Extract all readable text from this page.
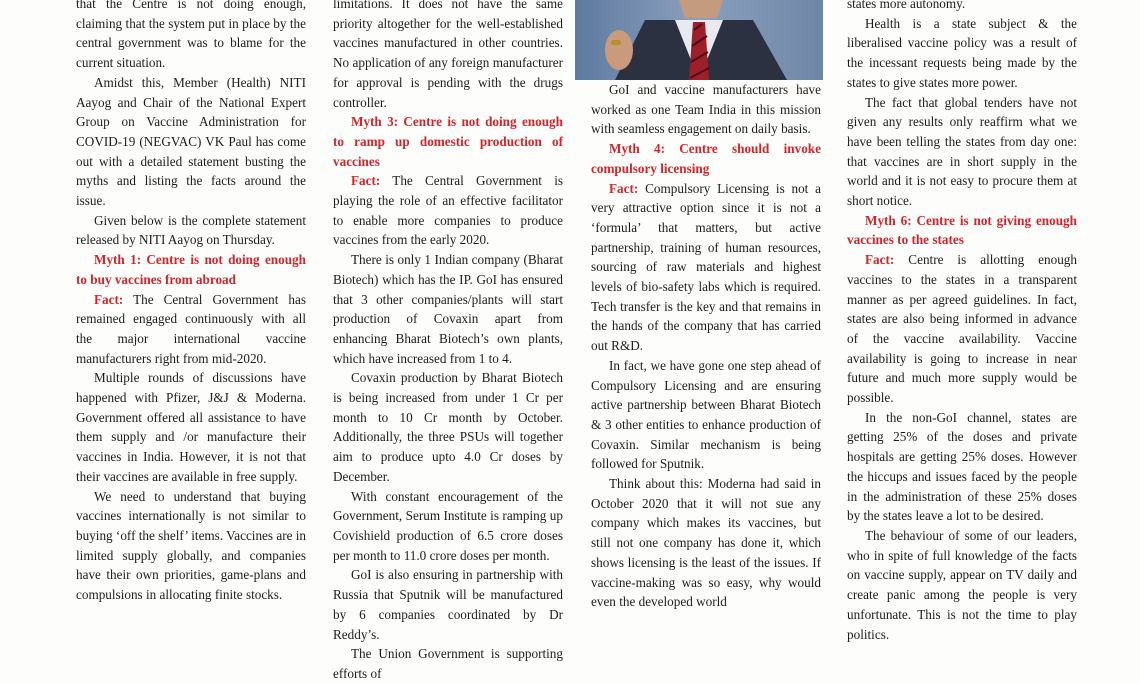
that the Centre is not doing enough, claiming that the system put in place by the central government was to blame for the current situation.

Amidst this, Member (Health) NITI Aayog and Chair of the National Expert Group on Vaccine Administration for COVID-19 (NEGVAC) VK Paul has come out with a detailed statement busting the myths and listing the facts around the issue.

Given below is the complete statement released by NITI Aayog on Thursday.

Myth 1: Centre is not doing enough to buy vaccines from abroad

Fact: The Central Government has remained engaged continuously with all the major international vaccine manufacturers right from mid-2020.

Multiple rounds of discussions have happened with Pfizer, J&J & Moderna. Government offered all assistance to have them supply and /or manufacture their vaccines in India. However, it is not that their vaccines are available in free supply.

We need to understand that buying vaccines internationally is not similar to buying ‘off the shelf’ items. Vaccines are in limited supply globally, and companies have their own priorities, game-plans and compulsions in allocating finite stocks.

limitations. It does not have the same priority altogether for the well-established vaccines manufactured in other countries. No application of any foreign manufacturer for approval is pending with the drugs controller.

Myth 3: Centre is not doing enough to ramp up domestic production of vaccines

Fact: The Central Government is playing the role of an effective facilitator to enable more companies to produce vaccines from the early 2020.

There is only 1 Indian company (Bharat Biotech) which has the IP. GoI has ensured that 3 other companies/plants will start production of Covaxin apart from enhancing Bharat Biotech’s own plants, which have increased from 1 to 4.

Covaxin production by Bharat Biotech is being increased from under 1 Cr per month to 10 Cr month by October. Additionally, the three PSUs will together aim to produce upto 4.0 Cr doses by December.

With constant encouragement of the Government, Serum Institute is ramping up Covishield production of 6.5 crore doses per month to 11.0 crore doses per month.

GoI is also ensuring in partnership with Russia that Sputnik will be manufactured by 6 companies coordinated by Dr Reddy’s.

The Union Government is supporting efforts of

GoI and vaccine manufacturers have worked as one Team India in this mission with seamless engagement on daily basis.

Myth 4: Centre should invoke compulsory licensing

Fact: Compulsory Licensing is not a very attractive option since it is not a ‘formula’ that matters, but active partnership, training of human resources, sourcing of raw materials and highest levels of bio-safety labs which is required. Tech transfer is the key and that remains in the hands of the company that has carried out R&D.

In fact, we have gone one step ahead of Compulsory Licensing and are ensuring active partnership between Bharat Biotech & 3 other entities to enhance production of Covaxin. Similar mechanism is being followed for Sputnik.

Think about this: Moderna had said in October 2020 that it will not sue any company which makes its vaccines, but still not one company has done it, which shows licensing is the least of the issues. If vaccine-making was so easy, why would even the developed world

states more autonomy.

Health is a state subject & the liberalised vaccine policy was a result of the incessant requests being made by the states to give states more power.

The fact that global tenders have not given any results only reaffirm what we have been telling the states from day one: that vaccines are in short supply in the world and it is not easy to procure them at short notice.

Myth 6: Centre is not giving enough vaccines to the states

Fact: Centre is allotting enough vaccines to the states in a transparent manner as per agreed guidelines. In fact, states are also being informed in advance of the vaccine availability. Vaccine availability is going to increase in near future and much more supply would be possible.

In the non-GoI channel, states are getting 25% of the doses and private hospitals are getting 25% doses. However the hiccups and issues faced by the people in the administration of these 25% doses by the states leave a lot to be desired.

The behaviour of some of our leaders, who in spite of full knowledge of the facts on vaccine supply, appear on TV daily and create panic among the people is very unfortunate. This is not the time to play politics.
